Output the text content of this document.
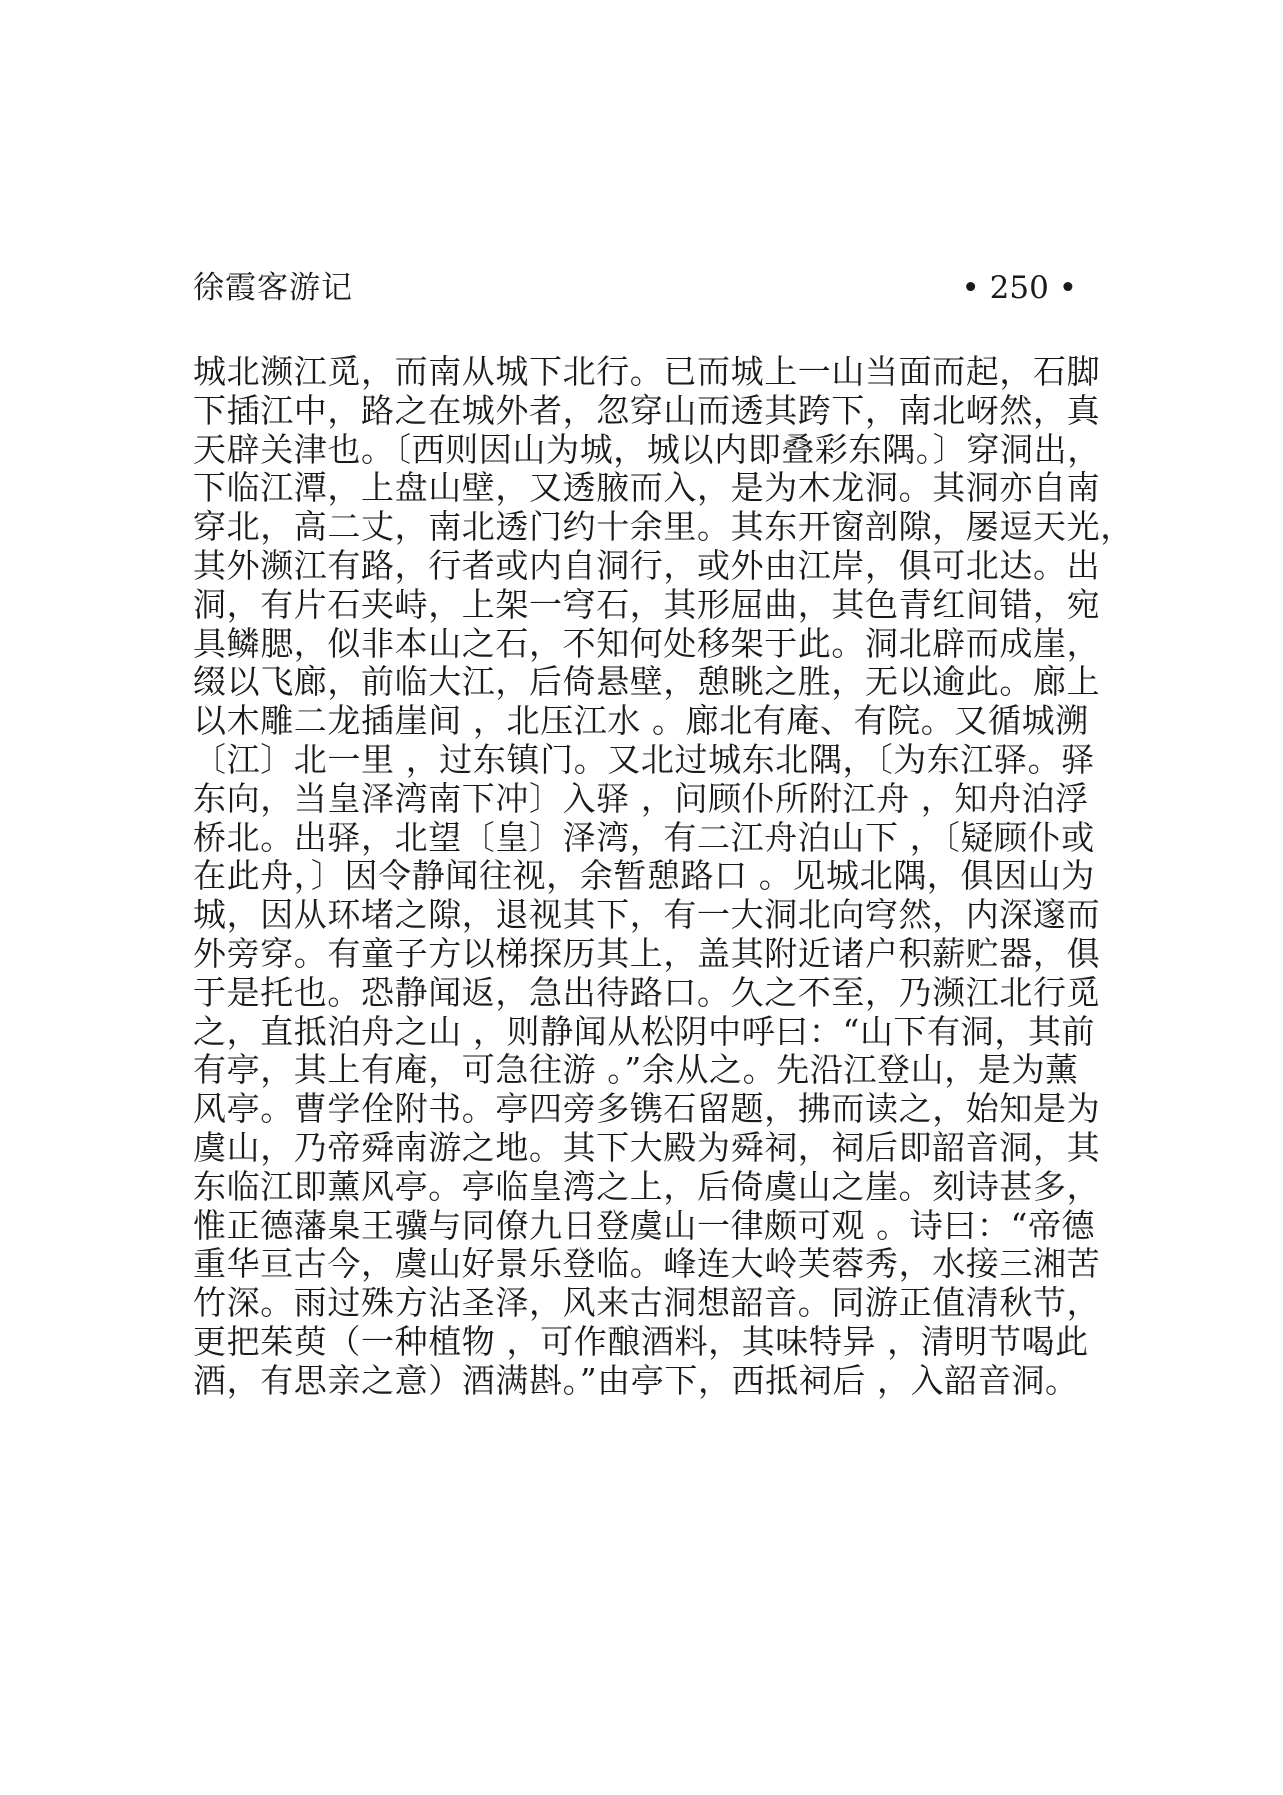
徐霞客游记	• 250 •
城北濒江觅，而南从城下北行。已而城上一山当面而起，石脚
下插江中，路之在城外者，忽穿山而透其跨下，南北岈然，真
天辟关津也。〔西则因山为城，城以内即叠彩东隅。〕穿洞出，
下临江潭，上盘山壁，又透腋而入，是为木龙洞。其洞亦自南
穿北，高二丈，南北透门约十余里。其东开窗剖隙，屡逗天光，
其外濒江有路，行者或内自洞行，或外由江岸，俱可北达。出
洞，有片石夹峙，上架一穹石，其形屈曲，其色青红间错，宛
具鳞腮，似非本山之石，不知何处移架于此。洞北辟而成崖，
缀以飞廊，前临大江，后倚悬壁，憩眺之胜，无以逾此。廊上
以木雕二龙插崖间 ，北压江水 。廊北有庵、有院。又循城溯
〔江〕北一里 ，过东镇门。又北过城东北隅，〔为东江驿。驿
东向，当皇泽湾南下冲〕入驿 ，问顾仆所附江舟 ，知舟泊浮
桥北。出驿，北望〔皇〕泽湾，有二江舟泊山下 ，〔疑顾仆或
在此舟，〕因令静闻往视，余暂憩路口 。见城北隅，俱因山为
城，因从环堵之隙，退视其下，有一大洞北向穹然，内深邃而
外旁穿。有童子方以梯探历其上，盖其附近诸户积薪贮器，俱
于是托也。恐静闻返，急出待路口。久之不至，乃濒江北行觅
之，直抵泊舟之山 ，则静闻从松阴中呼曰：“山下有洞，其前
有亭，其上有庵，可急往游 。”余从之。先沿江登山，是为薰
风亭。曹学佺附书。亭四旁多镌石留题，拂而读之，始知是为
虞山，乃帝舜南游之地。其下大殿为舜祠，祠后即韶音洞，其
东临江即薰风亭。亭临皇湾之上，后倚虞山之崖。刻诗甚多，
惟正德藩臬王骥与同僚九日登虞山一律颇可观 。诗曰：“帝德
重华亘古今，虞山好景乐登临。峰连大岭芙蓉秀，水接三湘苦
竹深。雨过殊方沾圣泽，风来古洞想韶音。同游正值清秋节，
更把茱萸（一种植物 ，可作酿酒料，其味特异 ，清明节喝此
酒，有思亲之意）酒满斟。”由亭下，西抵祠后 ，入韶音洞。
